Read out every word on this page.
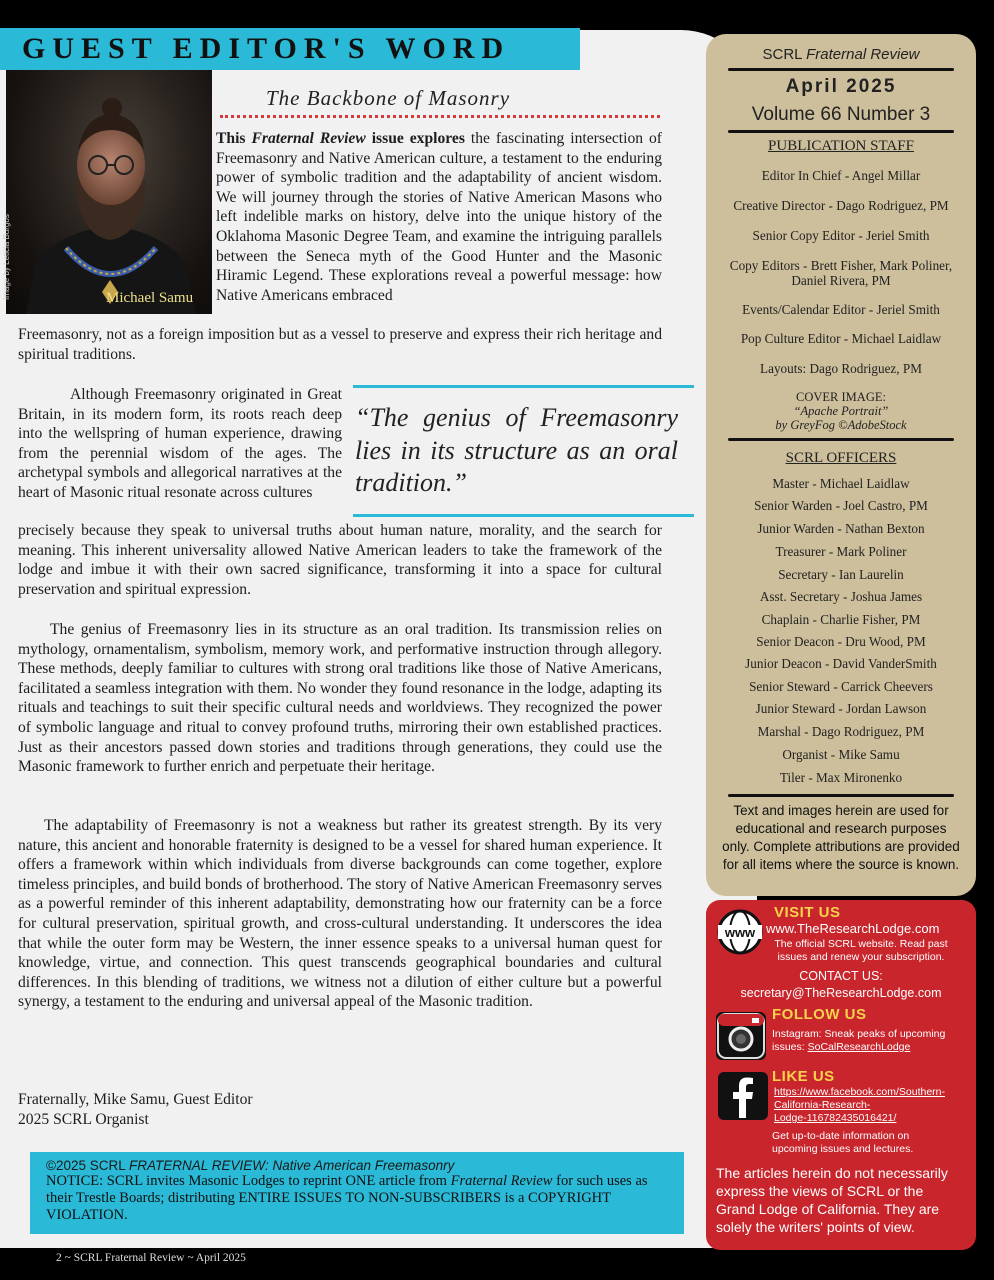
GUEST EDITOR'S WORD
Image by Leticia Burgos	Michael Samu
The Backbone of Masonry
This Fraternal Review issue explores the fascinating intersection of Freemasonry and Native American culture, a testament to the enduring power of symbolic tradition and the adaptability of ancient wisdom. We will journey through the stories of Native American Masons who left indelible marks on history, delve into the unique history of the Oklahoma Masonic Degree Team, and examine the intriguing parallels between the Seneca myth of the Good Hunter and the Masonic Hiramic Legend. These explorations reveal a powerful message: how Native Americans embraced
Freemasonry, not as a foreign imposition but as a vessel to preserve and express their rich heritage and spiritual traditions.
Although Freemasonry originated in Great Britain, in its modern form, its roots reach deep into the wellspring of human experience, drawing from the perennial wisdom of the ages. The archetypal symbols and allegorical narratives at the heart of Masonic ritual resonate across cultures
precisely because they speak to universal truths about human nature, morality, and the search for meaning. This inherent universality allowed Native American leaders to take the framework of the lodge and imbue it with their own sacred significance, transforming it into a space for cultural preservation and spiritual expression.
“The genius of Freemasonry lies in its structure as an oral tradition.”
The genius of Freemasonry lies in its structure as an oral tradition. Its transmission relies on mythology, ornamentalism, symbolism, memory work, and performative instruction through allegory. These methods, deeply familiar to cultures with strong oral traditions like those of Native Americans, facilitated a seamless integration with them. No wonder they found resonance in the lodge, adapting its rituals and teachings to suit their specific cultural needs and worldviews. They recognized the power of symbolic language and ritual to convey profound truths, mirroring their own established practices. Just as their ancestors passed down stories and traditions through generations, they could use the Masonic framework to further enrich and perpetuate their heritage.
The adaptability of Freemasonry is not a weakness but rather its greatest strength. By its very nature, this ancient and honorable fraternity is designed to be a vessel for shared human experience. It offers a framework within which individuals from diverse backgrounds can come together, explore timeless principles, and build bonds of brotherhood. The story of Native American Freemasonry serves as a powerful reminder of this inherent adaptability, demonstrating how our fraternity can be a force for cultural preservation, spiritual growth, and cross-cultural understanding. It underscores the idea that while the outer form may be Western, the inner essence speaks to a universal human quest for knowledge, virtue, and connection. This quest transcends geographical boundaries and cultural differences. In this blending of traditions, we witness not a dilution of either culture but a powerful synergy, a testament to the enduring and universal appeal of the Masonic tradition.
Fraternally, Mike Samu, Guest Editor
2025 SCRL Organist
©2025 SCRL FRATERNAL REVIEW: Native American Freemasonry
NOTICE: SCRL invites Masonic Lodges to reprint ONE article from Fraternal Review for such uses as their Trestle Boards; distributing ENTIRE ISSUES TO NON-SUBSCRIBERS is a COPYRIGHT VIOLATION.
2 ~ SCRL Fraternal Review ~ April 2025
SCRL Fraternal Review
April 2025
Volume 66 Number 3
PUBLICATION STAFF
Editor In Chief - Angel Millar
Creative Director - Dago Rodriguez, PM
Senior Copy Editor - Jeriel Smith
Copy Editors - Brett Fisher, Mark Poliner,
Daniel Rivera, PM
Events/Calendar Editor - Jeriel Smith
Pop Culture Editor - Michael Laidlaw
Layouts: Dago Rodriguez, PM
COVER IMAGE:
“Apache Portrait”
by GreyFog ©AdobeStock
SCRL OFFICERS
Master - Michael Laidlaw
Senior Warden - Joel Castro, PM
Junior Warden - Nathan Bexton
Treasurer - Mark Poliner
Secretary - Ian Laurelin
Asst. Secretary - Joshua James
Chaplain - Charlie Fisher, PM
Senior Deacon - Dru Wood, PM
Junior Deacon - David VanderSmith
Senior Steward - Carrick Cheevers
Junior Steward - Jordan Lawson
Marshal - Dago Rodriguez, PM
Organist - Mike Samu
Tiler - Max Mironenko
Text and images herein are used for educational and research purposes only. Complete attributions are provided for all items where the source is known.
www
VISIT US
www.TheResearchLodge.com
The official SCRL website. Read past
issues and renew your subscription.
CONTACT US:
secretary@TheResearchLodge.com
FOLLOW US
Instagram: Sneak peaks of upcoming
issues: SoCalResearchLodge
LIKE US
https://www.facebook.com/Southern-
California-Research-
Lodge-116782435016421/
Get up-to-date information on
upcoming issues and lectures.
The articles herein do not necessarily express the views of SCRL or the Grand Lodge of California. They are solely the writers' points of view.
